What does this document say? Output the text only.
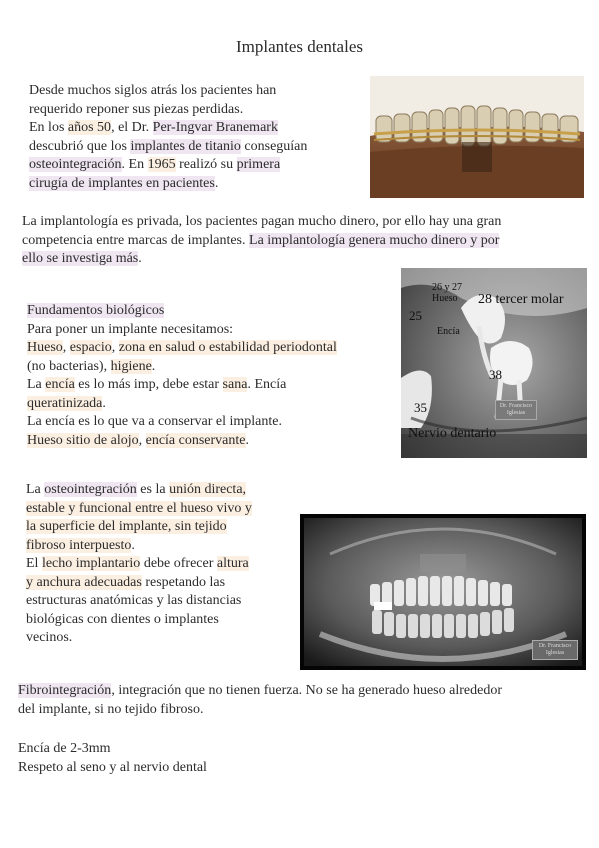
Implantes dentales
Desde muchos siglos atrás los pacientes han
requerido reponer sus piezas perdidas.
En los años 50, el Dr. Per-Ingvar Branemark
descubrió que los implantes de titanio conseguían
osteointegración. En 1965 realizó su primera
cirugía de implantes en pacientes.
La implantología es privada, los pacientes pagan mucho dinero, por ello hay una gran
competencia entre marcas de implantes. La implantología genera mucho dinero y por
ello se investiga más.
Fundamentos biológicos
Para poner un implante necesitamos:
Hueso, espacio, zona en salud o estabilidad periodontal
(no bacterias), higiene.
La encía es lo más imp, debe estar sana. Encía
queratinizada.
La encía es lo que va a conservar el implante.
Hueso sitio de alojo, encía conservante.
26 y 27
Hueso 28 tercer molar
25
Encía
38
35
Nervio dentario
Dr. Francisco
Iglesias
La osteointegración es la unión directa,
estable y funcional entre el hueso vivo y
la superficie del implante, sin tejido
fibroso interpuesto.
El lecho implantario debe ofrecer altura
y anchura adecuadas respetando las
estructuras anatómicas y las distancias
biológicas con dientes o implantes
vecinos.
Dr. Francisco
Iglesias
Fibrointegración, integración que no tienen fuerza. No se ha generado hueso alrededor
del implante, si no tejido fibroso.
Encía de 2-3mm
Respeto al seno y al nervio dental
